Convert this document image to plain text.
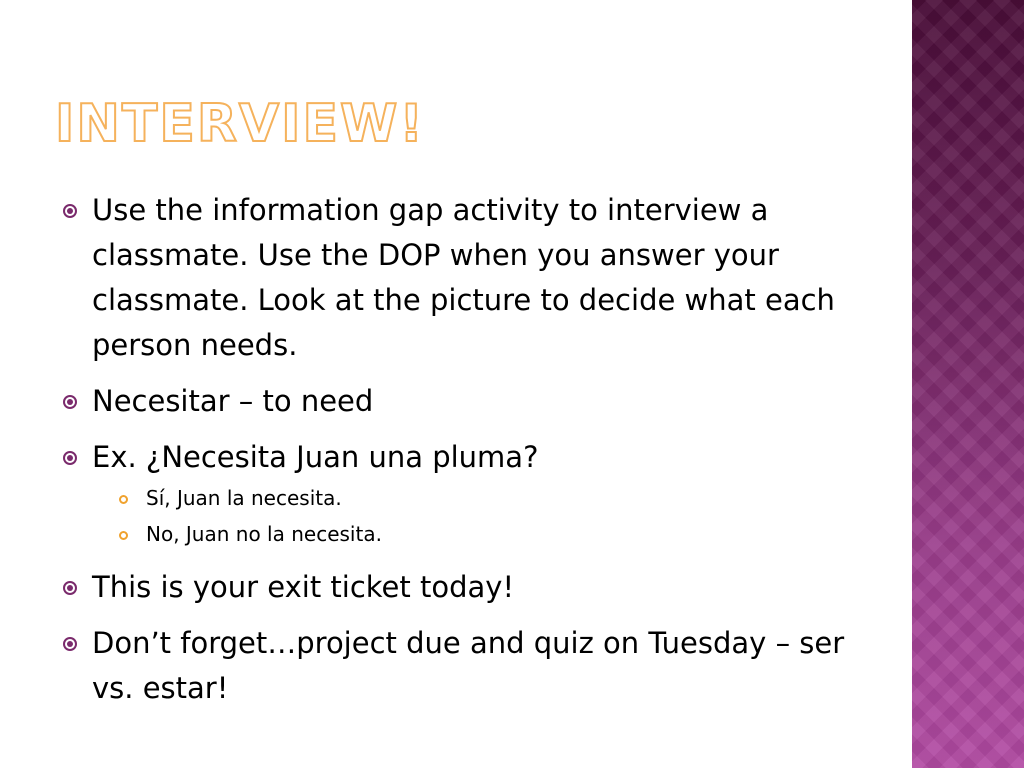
INTERVIEW!
Use the information gap activity to interview a classmate. Use the DOP when you answer your classmate. Look at the picture to decide what each person needs.
Necesitar – to need
Ex. ¿Necesita Juan una pluma?
Sí, Juan la necesita.
No, Juan no la necesita.
This is your exit ticket today!
Don’t forget…project due and quiz on Tuesday – ser vs. estar!
